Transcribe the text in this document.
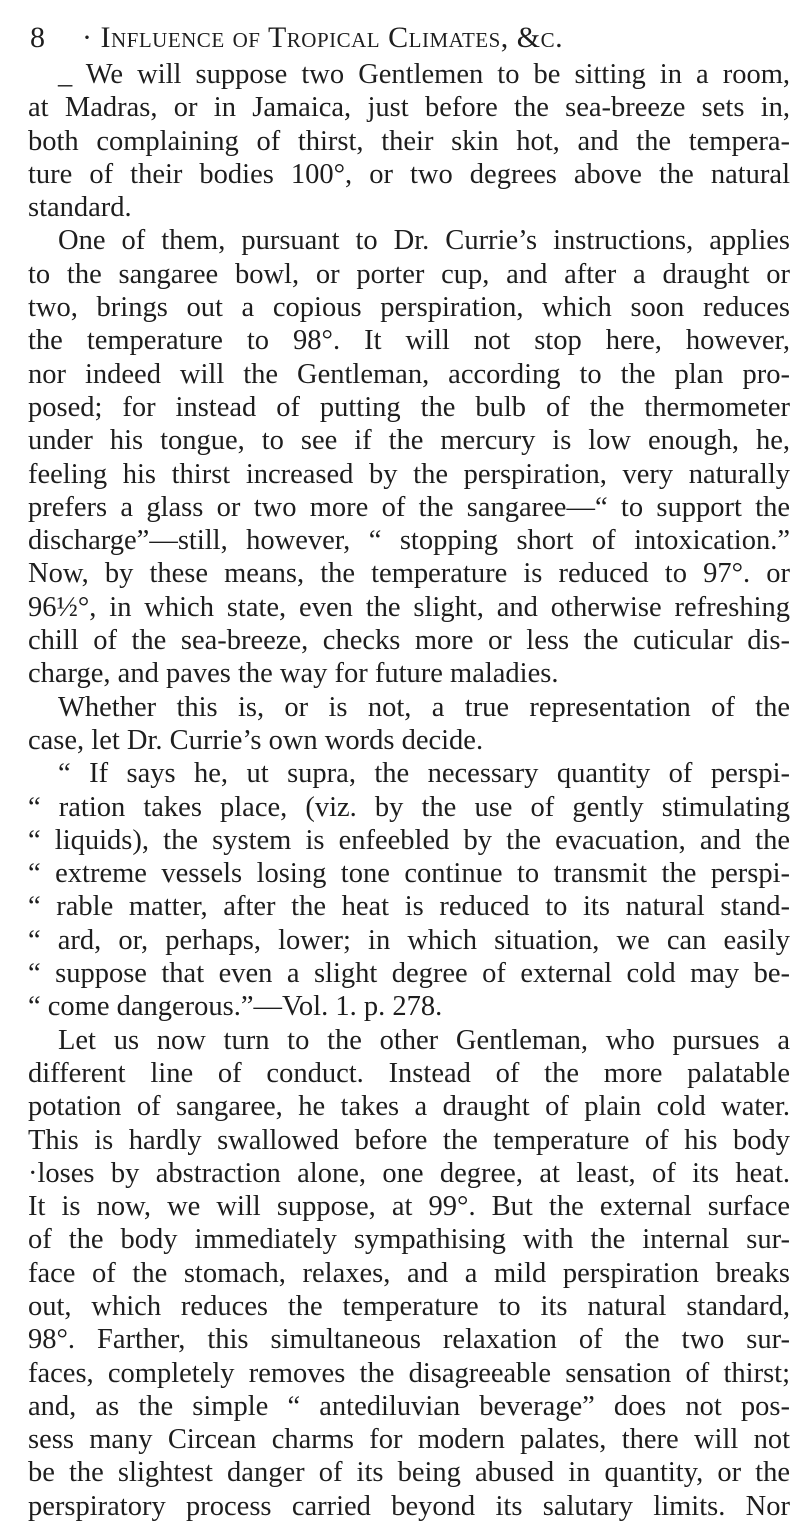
8 · Influence of Tropical Climates, &c.
_ We will suppose two Gentlemen to be sitting in a room,
at Madras, or in Jamaica, just before the sea-breeze sets in,
both complaining of thirst, their skin hot, and the tempera-
ture of their bodies 100°, or two degrees above the natural
standard.
One of them, pursuant to Dr. Currie’s instructions, applies
to the sangaree bowl, or porter cup, and after a draught or
two, brings out a copious perspiration, which soon reduces
the temperature to 98°. It will not stop here, however,
nor indeed will the Gentleman, according to the plan pro-
posed; for instead of putting the bulb of the thermometer
under his tongue, to see if the mercury is low enough, he,
feeling his thirst increased by the perspiration, very naturally
prefers a glass or two more of the sangaree—“ to support the
discharge”—still, however, “ stopping short of intoxication.”
Now, by these means, the temperature is reduced to 97°. or
96½°, in which state, even the slight, and otherwise refreshing
chill of the sea-breeze, checks more or less the cuticular dis-
charge, and paves the way for future maladies.
Whether this is, or is not, a true representation of the
case, let Dr. Currie’s own words decide.
“ If says he, ut supra, the necessary quantity of perspi-
“ ration takes place, (viz. by the use of gently stimulating
“ liquids), the system is enfeebled by the evacuation, and the
“ extreme vessels losing tone continue to transmit the perspi-
“ rable matter, after the heat is reduced to its natural stand-
“ ard, or, perhaps, lower; in which situation, we can easily
“ suppose that even a slight degree of external cold may be-
“ come dangerous.”—Vol. 1. p. 278.
Let us now turn to the other Gentleman, who pursues a
different line of conduct. Instead of the more palatable
potation of sangaree, he takes a draught of plain cold water.
This is hardly swallowed before the temperature of his body
·loses by abstraction alone, one degree, at least, of its heat.
It is now, we will suppose, at 99°. But the external surface
of the body immediately sympathising with the internal sur-
face of the stomach, relaxes, and a mild perspiration breaks
out, which reduces the temperature to its natural standard,
98°. Farther, this simultaneous relaxation of the two sur-
faces, completely removes the disagreeable sensation of thirst;
and, as the simple “ antediluvian beverage” does not pos-
sess many Circean charms for modern palates, there will not
be the slightest danger of its being abused in quantity, or the
perspiratory process carried beyond its salutary limits. Nor
